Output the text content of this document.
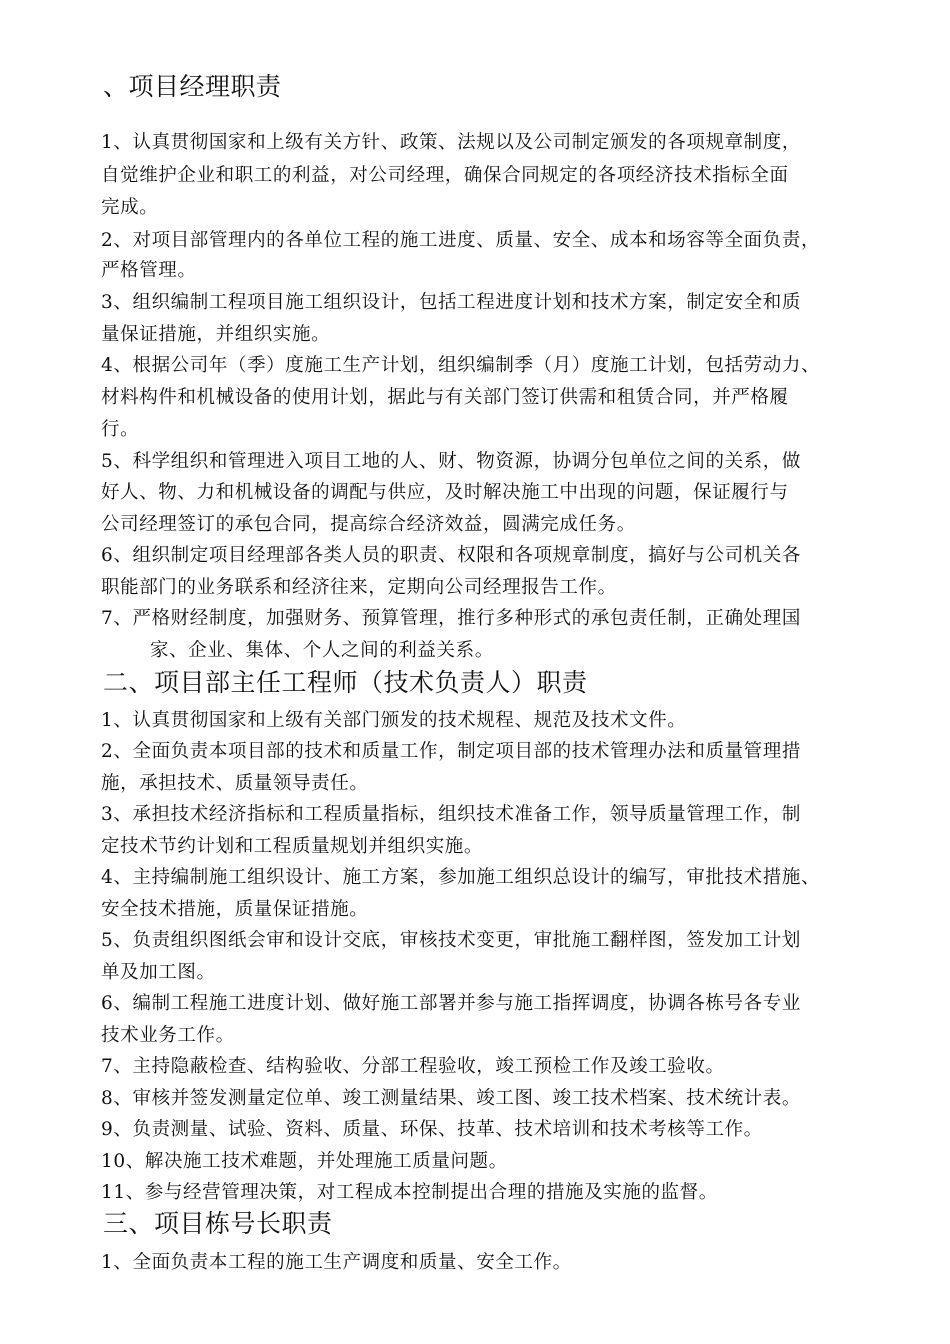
、项目经理职责
1、认真贯彻国家和上级有关方针、政策、法规以及公司制定颁发的各项规章制度，
自觉维护企业和职工的利益，对公司经理，确保合同规定的各项经济技术指标全面
完成。
2、对项目部管理内的各单位工程的施工进度、质量、安全、成本和场容等全面负责，
严格管理。
3、组织编制工程项目施工组织设计，包括工程进度计划和技术方案，制定安全和质
量保证措施，并组织实施。
4、根据公司年（季）度施工生产计划，组织编制季（月）度施工计划，包括劳动力、
材料构件和机械设备的使用计划，据此与有关部门签订供需和租赁合同，并严格履
行。
5、科学组织和管理进入项目工地的人、财、物资源，协调分包单位之间的关系，做
好人、物、力和机械设备的调配与供应，及时解决施工中出现的问题，保证履行与
公司经理签订的承包合同，提高综合经济效益，圆满完成任务。
6、组织制定项目经理部各类人员的职责、权限和各项规章制度，搞好与公司机关各
职能部门的业务联系和经济往来，定期向公司经理报告工作。
7、严格财经制度，加强财务、预算管理，推行多种形式的承包责任制，正确处理国
家、企业、集体、个人之间的利益关系。
二、项目部主任工程师（技术负责人）职责
1、认真贯彻国家和上级有关部门颁发的技术规程、规范及技术文件。
2、全面负责本项目部的技术和质量工作，制定项目部的技术管理办法和质量管理措
施，承担技术、质量领导责任。
3、承担技术经济指标和工程质量指标，组织技术准备工作，领导质量管理工作，制
定技术节约计划和工程质量规划并组织实施。
4、主持编制施工组织设计、施工方案，参加施工组织总设计的编写，审批技术措施、
安全技术措施，质量保证措施。
5、负责组织图纸会审和设计交底，审核技术变更，审批施工翻样图，签发加工计划
单及加工图。
6、编制工程施工进度计划、做好施工部署并参与施工指挥调度，协调各栋号各专业
技术业务工作。
7、主持隐蔽检查、结构验收、分部工程验收，竣工预检工作及竣工验收。
8、审核并签发测量定位单、竣工测量结果、竣工图、竣工技术档案、技术统计表。
9、负责测量、试验、资料、质量、环保、技革、技术培训和技术考核等工作。
10、解决施工技术难题，并处理施工质量问题。
11、参与经营管理决策，对工程成本控制提出合理的措施及实施的监督。
三、项目栋号长职责
1、全面负责本工程的施工生产调度和质量、安全工作。
